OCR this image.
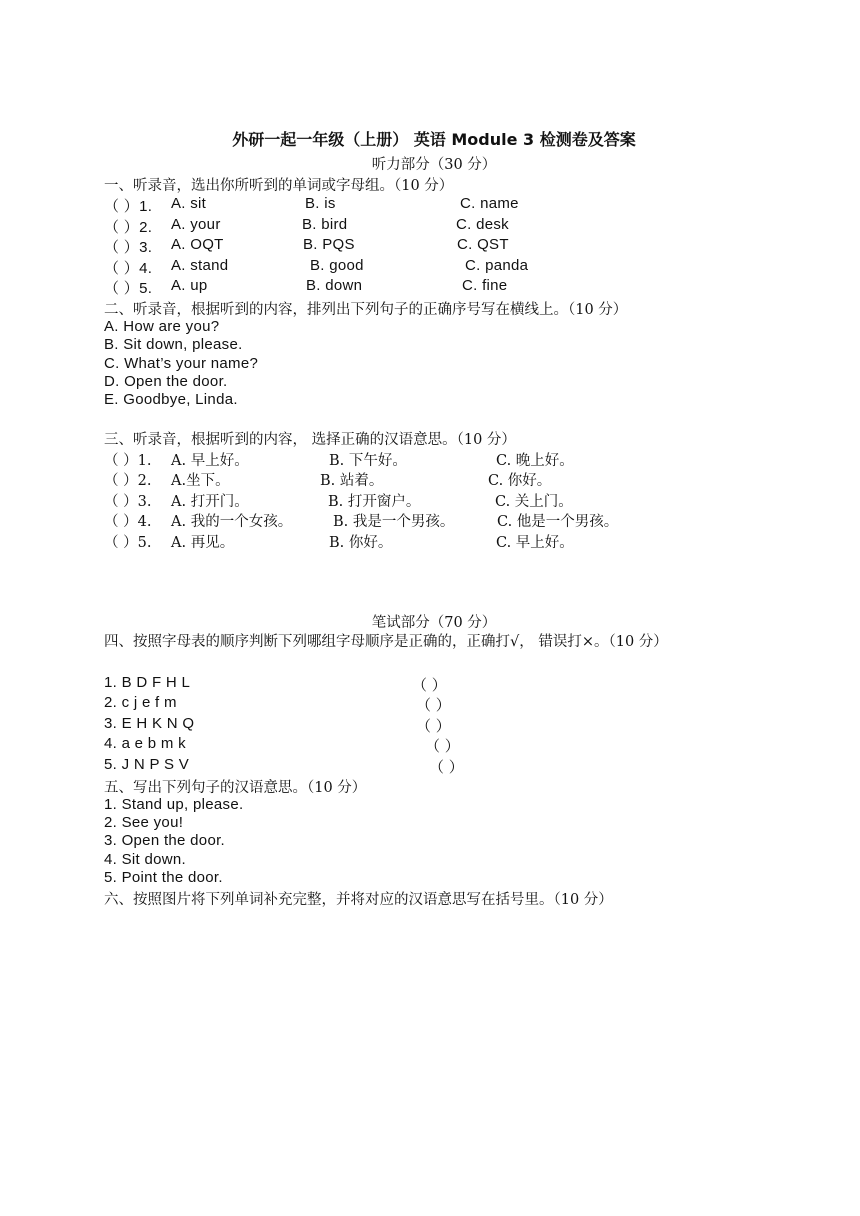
外研一起一年级（上册） 英语 Module 3 检测卷及答案
听力部分（30 分）
一、听录音，选出你所听到的单词或字母组。（10 分）
（ ）1. A. sit	B. is	C. name
（ ）2. A. your	B. bird	C. desk
（ ）3. A. OQT	B. PQS	C. QST
（ ）4. A. stand	B. good	C. panda
（ ）5. A. up	B. down	C. fine
二、听录音，根据听到的内容，排列出下列句子的正确序号写在横线上。（10 分）
A. How are you?
B. Sit down, please.
C. What’s your name?
D. Open the door.
E. Goodbye, Linda.
三、听录音，根据听到的内容， 选择正确的汉语意思。（10 分）
（ ）1. A. 早上好。	B. 下午好。	C. 晚上好。
（ ）2. A.坐下。	B. 站着。	C. 你好。
（ ）3. A. 打开门。	B. 打开窗户。	C. 关上门。
（ ）4. A. 我的一个女孩。	B. 我是一个男孩。	C. 他是一个男孩。
（ ）5. A. 再见。	B. 你好。	C. 早上好。
笔试部分（70 分）
四、按照字母表的顺序判断下列哪组字母顺序是正确的，正确打√， 错误打×。（10 分）
1. B D F H L	（ ）
2. c j e f m	（ ）
3. E H K N Q	（ ）
4. a e b m k	（ ）
5. J N P S V	（ ）
五、写出下列句子的汉语意思。（10 分）
1. Stand up, please.
2. See you!
3. Open the door.
4. Sit down.
5. Point the door.
六、按照图片将下列单词补充完整，并将对应的汉语意思写在括号里。（10 分）
